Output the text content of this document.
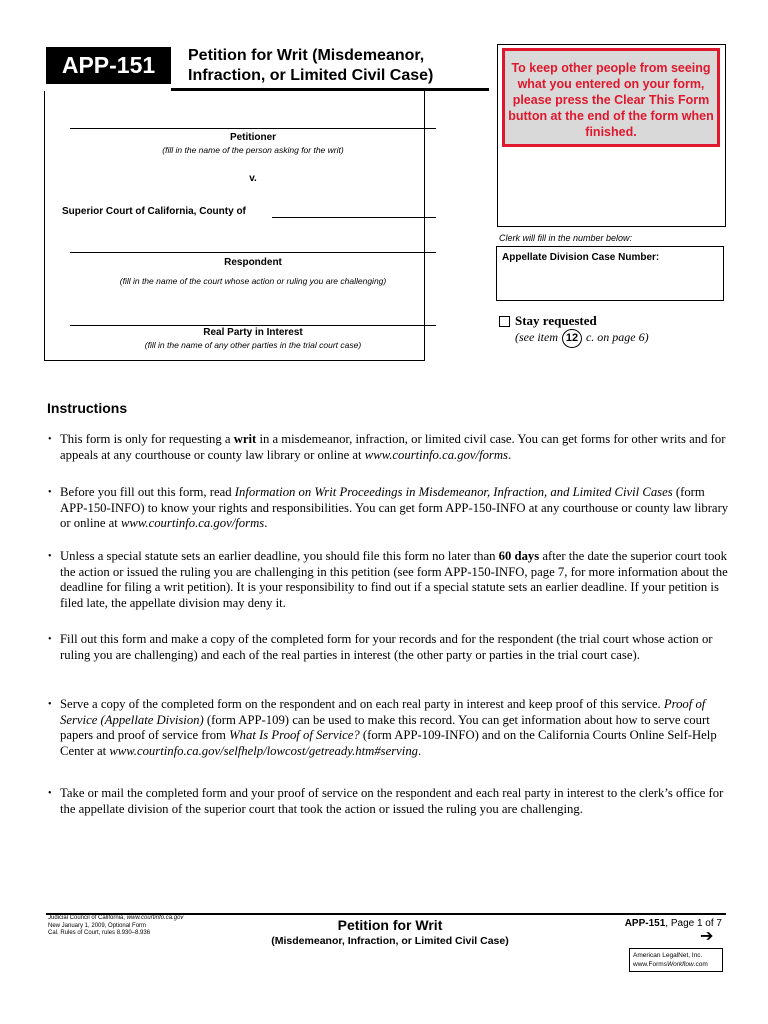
APP-151	Petition for Writ (Misdemeanor,
Infraction, or Limited Civil Case)
Petitioner
(fill in the name of the person asking for the writ)
v.
Superior Court of California, County of
Respondent
(fill in the name of the court whose action or ruling you are challenging)
Real Party in Interest
(fill in the name of any other parties in the trial court case)
To keep other people from seeing what you entered on your form, please press the Clear This Form button at the end of the form when finished.
Clerk will fill in the number below:
Appellate Division Case Number:
Stay requested
(see item 12 c. on page 6)
Instructions
• This form is only for requesting a writ in a misdemeanor, infraction, or limited civil case. You can get forms for other writs and for appeals at any courthouse or county law library or online at www.courtinfo.ca.gov/forms.
• Before you fill out this form, read Information on Writ Proceedings in Misdemeanor, Infraction, and Limited Civil Cases (form APP-150-INFO) to know your rights and responsibilities. You can get form APP-150-INFO at any courthouse or county law library or online at www.courtinfo.ca.gov/forms.
• Unless a special statute sets an earlier deadline, you should file this form no later than 60 days after the date the superior court took the action or issued the ruling you are challenging in this petition (see form APP-150-INFO, page 7, for more information about the deadline for filing a writ petition). It is your responsibility to find out if a special statute sets an earlier deadline. If your petition is filed late, the appellate division may deny it.
• Fill out this form and make a copy of the completed form for your records and for the respondent (the trial court whose action or ruling you are challenging) and each of the real parties in interest (the other party or parties in the trial court case).
• Serve a copy of the completed form on the respondent and on each real party in interest and keep proof of this service. Proof of Service (Appellate Division) (form APP-109) can be used to make this record. You can get information about how to serve court papers and proof of service from What Is Proof of Service? (form APP-109-INFO) and on the California Courts Online Self-Help Center at www.courtinfo.ca.gov/selfhelp/lowcost/getready.htm#serving.
• Take or mail the completed form and your proof of service on the respondent and each real party in interest to the clerk’s office for the appellate division of the superior court that took the action or issued the ruling you are challenging.
Judicial Council of California, www.courtinfo.ca.gov
New January 1, 2009, Optional Form
Cal. Rules of Court, rules 8.930–8.936	Petition for Writ
(Misdemeanor, Infraction, or Limited Civil Case)
APP-151, Page 1 of 7
➔
American LegalNet, Inc.
www.FormsWorkflow.com
